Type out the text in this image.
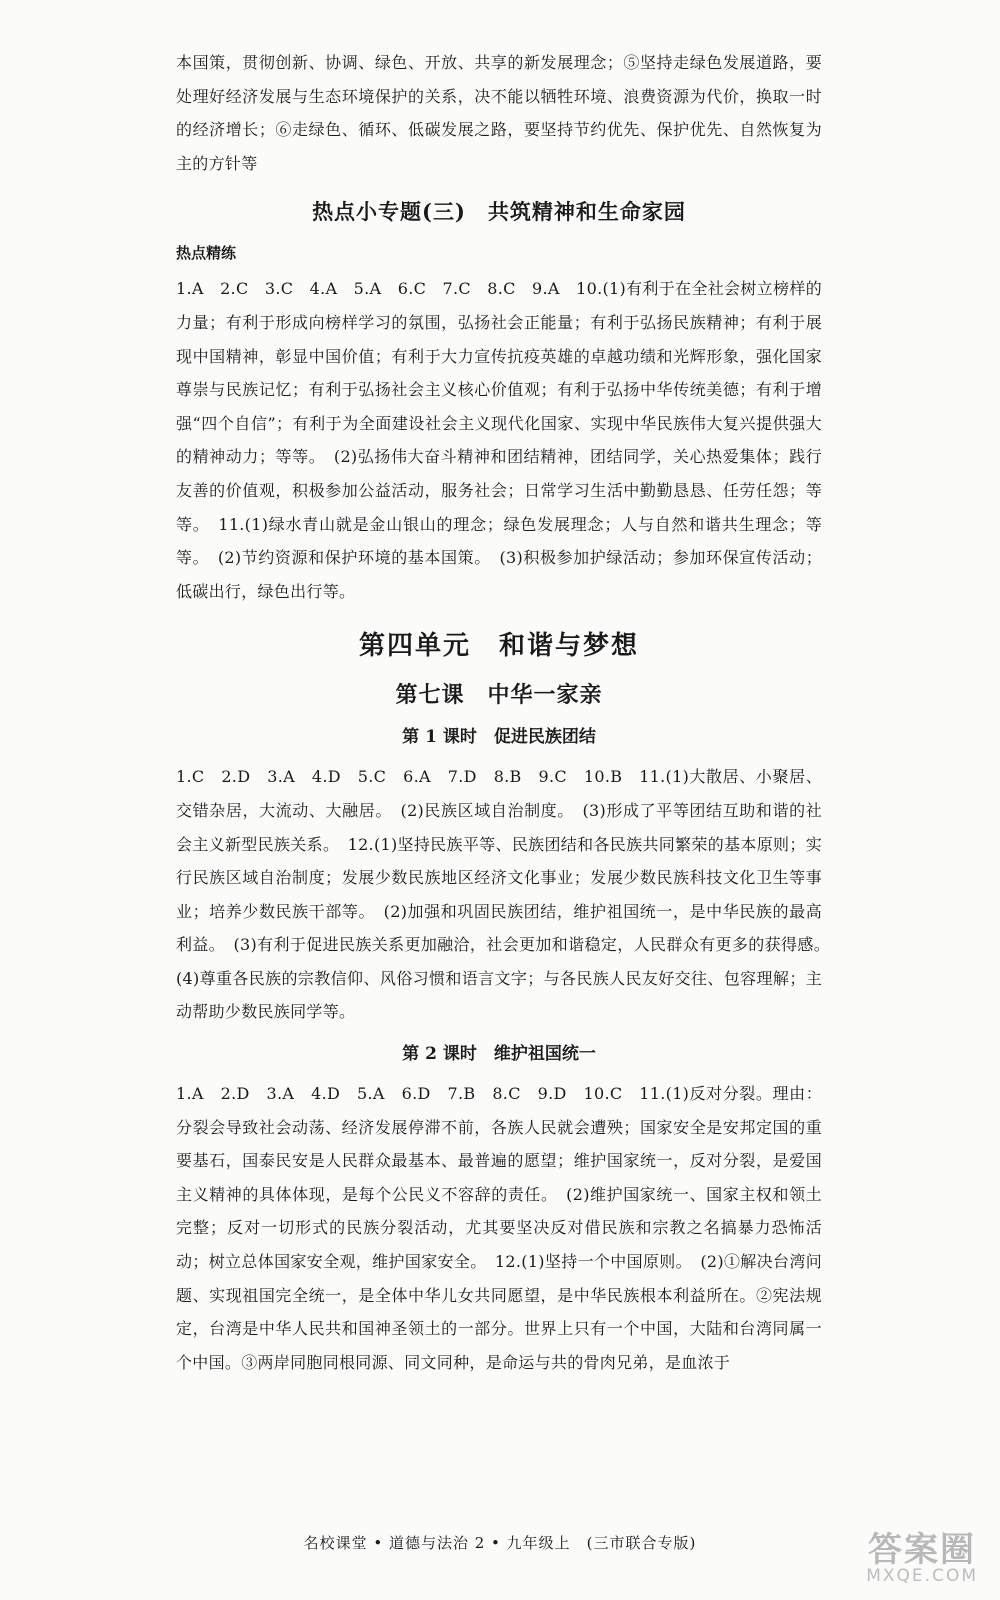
本国策，贯彻创新、协调、绿色、开放、共享的新发展理念；⑤坚持走绿色发展道路，要处理好经济发展与生态环境保护的关系，决不能以牺牲环境、浪费资源为代价，换取一时的经济增长；⑥走绿色、循环、低碳发展之路，要坚持节约优先、保护优先、自然恢复为主的方针等

热点小专题(三)　共筑精神和生命家园
热点精练

1.A　2.C　3.C　4.A　5.A　6.C　7.C　8.C　9.A　10.(1)有利于在全社会树立榜样的力量；有利于形成向榜样学习的氛围，弘扬社会正能量；有利于弘扬民族精神；有利于展现中国精神，彰显中国价值；有利于大力宣传抗疫英雄的卓越功绩和光辉形象，强化国家尊崇与民族记忆；有利于弘扬社会主义核心价值观；有利于弘扬中华传统美德；有利于增强“四个自信”；有利于为全面建设社会主义现代化国家、实现中华民族伟大复兴提供强大的精神动力；等等。　(2)弘扬伟大奋斗精神和团结精神，团结同学，关心热爱集体；践行友善的价值观，积极参加公益活动，服务社会；日常学习生活中勤勤恳恳、任劳任怨；等等。　11.(1)绿水青山就是金山银山的理念；绿色发展理念；人与自然和谐共生理念；等等。　(2)节约资源和保护环境的基本国策。　(3)积极参加护绿活动；参加环保宣传活动；低碳出行，绿色出行等。

第四单元　和谐与梦想
第七课　中华一家亲
第 1 课时　促进民族团结

1.C　2.D　3.A　4.D　5.C　6.A　7.D　8.B　9.C　10.B　11.(1)大散居、小聚居、交错杂居，大流动、大融居。　(2)民族区域自治制度。　(3)形成了平等团结互助和谐的社会主义新型民族关系。　12.(1)坚持民族平等、民族团结和各民族共同繁荣的基本原则；实行民族区域自治制度；发展少数民族地区经济文化事业；发展少数民族科技文化卫生等事业；培养少数民族干部等。　(2)加强和巩固民族团结，维护祖国统一，是中华民族的最高利益。　(3)有利于促进民族关系更加融洽，社会更加和谐稳定，人民群众有更多的获得感。　(4)尊重各民族的宗教信仰、风俗习惯和语言文字；与各民族人民友好交往、包容理解；主动帮助少数民族同学等。

第 2 课时　维护祖国统一

1.A　2.D　3.A　4.D　5.A　6.D　7.B　8.C　9.D　10.C　11.(1)反对分裂。理由：分裂会导致社会动荡、经济发展停滞不前，各族人民就会遭殃；国家安全是安邦定国的重要基石，国泰民安是人民群众最基本、最普遍的愿望；维护国家统一，反对分裂，是爱国主义精神的具体体现，是每个公民义不容辞的责任。　(2)维护国家统一、国家主权和领土完整；反对一切形式的民族分裂活动，尤其要坚决反对借民族和宗教之名搞暴力恐怖活动；树立总体国家安全观，维护国家安全。　12.(1)坚持一个中国原则。　(2)①解决台湾问题、实现祖国完全统一，是全体中华儿女共同愿望，是中华民族根本利益所在。②宪法规定，台湾是中华人民共和国神圣领土的一部分。世界上只有一个中国，大陆和台湾同属一个中国。③两岸同胞同根同源、同文同种，是命运与共的骨肉兄弟，是血浓于

名校课堂 • 道德与法治 2 • 九年级上　(三市联合专版)	答案圈
MXQE.COM
